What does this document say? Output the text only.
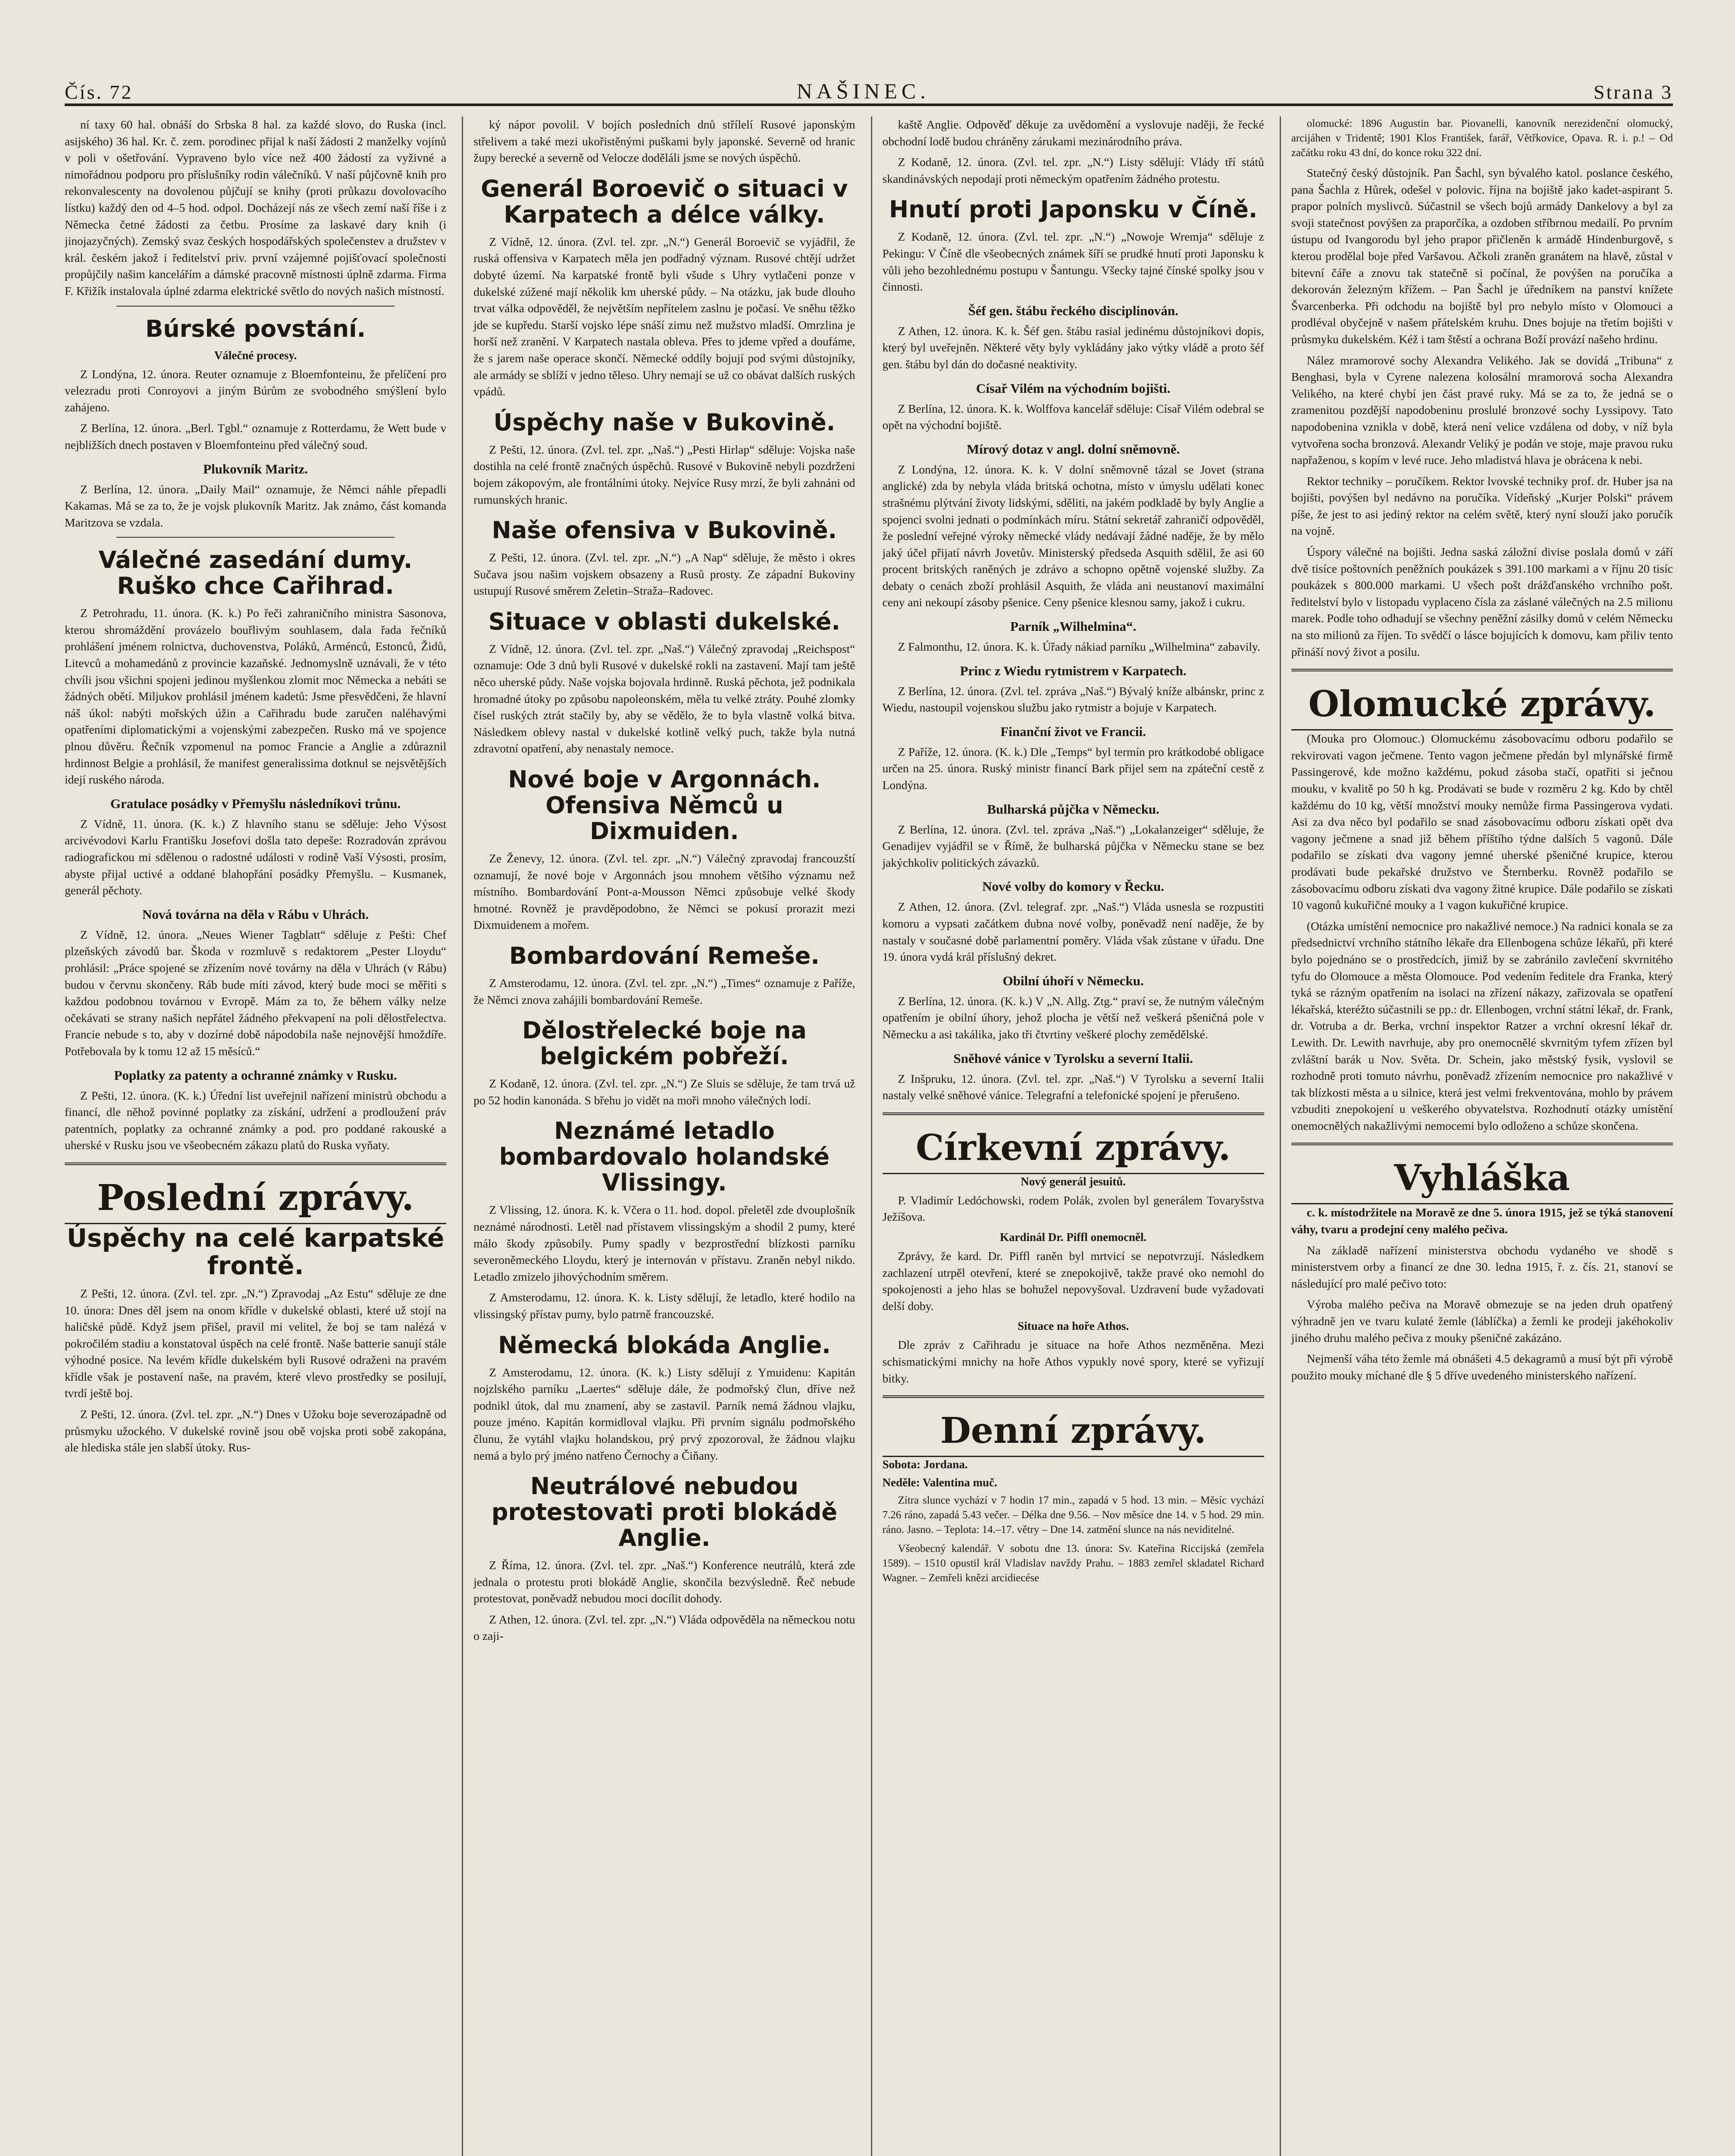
Čís. 72	NAŠINEC.	Strana 3

ní taxy 60 hal. obnáší do Srbska 8 hal. za každé slovo, do Ruska (incl. asijského) 36 hal. Kr. č. zem. porodinec přijal k naší žádosti 2 manželky vojínů v poli v ošetřování. Vypraveno bylo více než 400 žádostí za vyživné a nimořádnou podporu pro příslušníky rodin válečníků. V naší půjčovně knih pro rekonvalescenty na dovolenou půjčují se knihy (proti průkazu dovolovacího lístku) každý den od 4–5 hod. odpol. Docházejí nás ze všech zemí naší říše i z Německa četné žádosti za četbu. Prosíme za laskavé dary knih (i jinojazyčných). Zemský svaz českých hospodářských společenstev a družstev v král. českém jakož i ředitelství priv. první vzájemné pojišťovací společnosti propůjčily našim kancelářím a dámské pracovně místnosti úplně zdarma. Firma F. Křižík instalovala úplné zdarma elektrické světlo do nových našich místností.

Búrské povstání.
Válečné procesy.

Z Londýna, 12. února. Reuter oznamuje z Bloemfonteinu, že přelíčení pro velezradu proti Conroyovi a jiným Búrům ze svobodného smýšlení bylo zahájeno.

Z Berlína, 12. února. „Berl. Tgbl.“ oznamuje z Rotterdamu, že Wett bude v nejbližších dnech postaven v Bloemfonteinu před válečný soud.

Plukovník Maritz.

Z Berlína, 12. února. „Daily Mail“ oznamuje, že Němci náhle přepadli Kakamas. Má se za to, že je vojsk plukovník Maritz. Jak známo, část komanda Maritzova se vzdala.

Válečné zasedání dumy. Ruško chce Cařihrad.

Z Petrohradu, 11. února. (K. k.) Po řeči zahraničního ministra Sasonova, kterou shromáždění provázelo bouřlivým souhlasem, dala řada řečníků prohlášení jménem rolnictva, duchovenstva, Poláků, Arménců, Estonců, Židů, Litevců a mohamedánů z provincie kazaňské. Jednomyslně uznávali, že v této chvíli jsou všichni spojeni jedinou myšlenkou zlomit moc Německa a nebáti se žádných obětí. Miljukov prohlásil jménem kadetů: Jsme přesvědčeni, že hlavní náš úkol: nabýti mořských úžin a Cařihradu bude zaručen naléhavými opatřeními diplomatickými a vojenskými zabezpečen. Rusko má ve spojence plnou důvěru. Řečník vzpomenul na pomoc Francie a Anglie a zdůraznil hrdinnost Belgie a prohlásil, že manifest generalissima dotknul se nejsvětějších idejí ruského národa.

Gratulace posádky v Přemyšlu následníkovi trůnu.

Z Vídně, 11. února. (K. k.) Z hlavního stanu se sděluje: Jeho Výsost arcivévodovi Karlu Františku Josefovi došla tato depeše: Rozradován zprávou radiografickou mi sdělenou o radostné události v rodině Vaší Výsosti, prosím, abyste přijal uctivé a oddané blahopřání posádky Přemyšlu. – Kusmanek, generál pěchoty.

Nová továrna na děla v Rábu v Uhrách.

Z Vídně, 12. února. „Neues Wiener Tagblatt“ sděluje z Pešti: Chef plzeňských závodů bar. Škoda v rozmluvě s redaktorem „Pester Lloydu“ prohlásil: „Práce spojené se zřízením nové továrny na děla v Uhrách (v Rábu) budou v červnu skončeny. Ráb bude míti závod, který bude moci se měřiti s každou podobnou továrnou v Evropě. Mám za to, že během války nelze očekávati se strany našich nepřátel žádného překvapení na poli dělostřelectva. Francie nebude s to, aby v dozírné době nápodobila naše nejnovější hmoždíře. Potřebovala by k tomu 12 až 15 měsíců.“

Poplatky za patenty a ochranné známky v Rusku.

Z Pešti, 12. února. (K. k.) Úřední list uveřejnil nařízení ministrů obchodu a financí, dle něhož povinné poplatky za získání, udržení a prodloužení práv patentních, poplatky za ochranné známky a pod. pro poddané rakouské a uherské v Rusku jsou ve všeobecném zákazu platů do Ruska vyňaty.

Poslední zprávy.
Úspěchy na celé karpatské frontě.

Z Pešti, 12. února. (Zvl. tel. zpr. „N.“) Zpravodaj „Az Estu“ sděluje ze dne 10. února: Dnes děl jsem na onom křídle v dukelské oblasti, které už stojí na haličské půdě. Když jsem přišel, pravil mi velitel, že boj se tam nalézá v pokročilém stadiu a konstatoval úspěch na celé frontě. Naše batterie sanují stále výhodné posice. Na levém křídle dukelském byli Rusové odraženi na pravém křídle však je postavení naše, na pravém, které vlevo prostředky se posilují, tvrdí ještě boj.

Z Pešti, 12. února. (Zvl. tel. zpr. „N.“) Dnes v Užoku boje severozápadně od průsmyku užockého. V dukelské rovině jsou obě vojska proti sobě zakopána, ale hlediska stále jen slabší útoky. Rus-

ký nápor povolil. V bojích posledních dnů střílelí Rusové japonským střelivem a také mezi ukořistěnými puškami byly japonské. Severně od hranic župy berecké a severně od Velocze doděláli jsme se nových úspěchů.

Generál Boroevič o situaci v Karpatech a délce války.

Z Vídně, 12. února. (Zvl. tel. zpr. „N.“) Generál Boroevič se vyjádřil, že ruská offensiva v Karpatech měla jen podřadný význam. Rusové chtějí udržet dobyté území. Na karpatské frontě byli všude s Uhry vytlačeni ponze v dukelské zúžené mají několik km uherské půdy. – Na otázku, jak bude dlouho trvat válka odpověděl, že největším nepřítelem zaslnu je počasí. Ve sněhu těžko jde se kupředu. Starší vojsko lépe snáší zimu než mužstvo mladší. Omrzlina je horší než zranění. V Karpatech nastala obleva. Přes to jdeme vpřed a doufáme, že s jarem naše operace skončí. Německé oddíly bojují pod svými důstojníky, ale armády se sblíží v jedno těleso. Uhry nemají se už co obávat dalších ruských vpádů.

Úspěchy naše v Bukovině.

Z Pešti, 12. února. (Zvl. tel. zpr. „Naš.“) „Pesti Hirlap“ sděluje: Vojska naše dostihla na celé frontě značných úspěchů. Rusové v Bukovině nebyli pozdrženi bojem zákopovým, ale frontálními útoky. Nejvíce Rusy mrzí, že byli zahnáni od rumunských hranic.

Naše ofensiva v Bukovině.

Z Pešti, 12. února. (Zvl. tel. zpr. „N.“) „A Nap“ sděluje, že město i okres Sučava jsou našim vojskem obsazeny a Rusů prosty. Ze západní Bukoviny ustupují Rusové směrem Zeletin–Straža–Radovec.

Situace v oblasti dukelské.

Z Vídně, 12. února. (Zvl. tel. zpr. „Naš.“) Válečný zpravodaj „Reichspost“ oznamuje: Ode 3 dnů byli Rusové v dukelské rokli na zastavení. Mají tam ještě něco uherské půdy. Naše vojska bojovala hrdinně. Ruská pěchota, jež podnikala hromadné útoky po způsobu napoleonském, měla tu velké ztráty. Pouhé zlomky čísel ruských ztrát stačily by, aby se vědělo, že to byla vlastně volká bitva. Následkem oblevy nastal v dukelské kotlině velký puch, takže byla nutná zdravotní opatření, aby nenastaly nemoce.

Nové boje v Argonnách. Ofensiva Němců u Dixmuiden.

Ze Ženevy, 12. února. (Zvl. tel. zpr. „N.“) Válečný zpravodaj francouzští oznamují, že nové boje v Argonnách jsou mnohem většího významu než místního. Bombardování Pont-a-Mousson Němci způsobuje velké škody hmotné. Rovněž je pravděpodobno, že Němci se pokusí prorazit mezi Dixmuidenem a mořem.

Bombardování Remeše.

Z Amsterodamu, 12. února. (Zvl. tel. zpr. „N.“) „Times“ oznamuje z Paříže, že Němci znova zahájili bombardování Remeše.

Dělostřelecké boje na belgickém pobřeží.

Z Kodaně, 12. února. (Zvl. tel. zpr. „N.“) Ze Sluis se sděluje, že tam trvá už po 52 hodin kanonáda. S břehu jo vidět na moři mnoho válečných lodí.

Neznámé letadlo bombardovalo holandské Vlissingy.

Z Vlissing, 12. února. K. k. Včera o 11. hod. dopol. přeletěl zde dvouplošník neznámé národnosti. Letěl nad přístavem vlissingským a shodil 2 pumy, které málo škody způsobily. Pumy spadly v bezprostřední blízkosti parníku severoněmeckého Lloydu, který je internován v přístavu. Zraněn nebyl nikdo. Letadlo zmizelo jihovýchodním směrem.

Z Amsterodamu, 12. února. K. k. Listy sdělují, že letadlo, které hodilo na vlissingský přístav pumy, bylo patrně francouzské.

Německá blokáda Anglie.

Z Amsterodamu, 12. února. (K. k.) Listy sdělují z Ymuidenu: Kapitán nojzlského parníku „Laertes“ sděluje dále, že podmořský člun, dříve než podnikl útok, dal mu znamení, aby se zastavil. Parník nemá žádnou vlajku, pouze jméno. Kapitán kormidloval vlajku. Při prvním signálu podmořského člunu, že vytáhl vlajku holandskou, prý prvý zpozoroval, že žádnou vlajku nemá a bylo prý jméno natřeno Černochy a Čiňany.

Neutrálové nebudou protestovati proti blokádě Anglie.

Z Říma, 12. února. (Zvl. tel. zpr. „Naš.“) Konference neutrálů, která zde jednala o protestu proti blokádě Anglie, skončila bezvýsledně. Řeč nebude protestovat, poněvadž nebudou moci docílit dohody.

Z Athen, 12. února. (Zvl. tel. zpr. „N.“) Vláda odpověděla na německou notu o zaji-

kaště Anglie. Odpověď děkuje za uvědomění a vyslovuje naději, že řecké obchodní lodě budou chráněny zárukami mezinárodního práva.

Z Kodaně, 12. února. (Zvl. tel. zpr. „N.“) Listy sdělují: Vlády tří států skandinávských nepodají proti německým opatřením žádného protestu.

Hnutí proti Japonsku v Číně.

Z Kodaně, 12. února. (Zvl. tel. zpr. „N.“) „Nowoje Wremja“ sděluje z Pekingu: V Číně dle všeobecných známek šíří se prudké hnutí proti Japonsku k vůli jeho bezohlednému postupu v Šantungu. Všecky tajné čínské spolky jsou v činnosti.

Šéf gen. štábu řeckého disciplinován.

Z Athen, 12. února. K. k. Šéf gen. štábu rasial jedinému důstojníkovi dopis, který byl uveřejněn. Některé věty byly vykládány jako výtky vládě a proto šéf gen. štábu byl dán do dočasné neaktivity.

Císař Vilém na východním bojišti.

Z Berlína, 12. února. K. k. Wolffova kancelář sděluje: Císař Vilém odebral se opět na východní bojiště.

Mírový dotaz v angl. dolní sněmovně.

Z Londýna, 12. února. K. k. V dolní sněmovně tázal se Jovet (strana anglické) zda by nebyla vláda britská ochotna, místo v úmyslu udělati konec strašnému plýtvání životy lidskými, sděliti, na jakém podkladě by byly Anglie a spojenci svolni jednati o podmínkách míru. Státní sekretář zahraničí odpověděl, že poslední veřejné výroky německé vlády nedávají žádné naděje, že by mělo jaký účel přijatí návrh Jovetův. Ministerský předseda Asquith sdělil, že asi 60 procent britských raněných je zdrávo a schopno opětně vojenské služby. Za debaty o cenách zboží prohlásil Asquith, že vláda ani neustanoví maximální ceny ani nekoupí zásoby pšenice. Ceny pšenice klesnou samy, jakož i cukru.

Parník „Wilhelmina“.

Z Falmonthu, 12. února. K. k. Úřady nákiad parníku „Wilhelmina“ zabavily.

Princ z Wiedu rytmistrem v Karpatech.

Z Berlína, 12. února. (Zvl. tel. zpráva „Naš.“) Bývalý kníže albánskr, princ z Wiedu, nastoupil vojenskou službu jako rytmistr a bojuje v Karpatech.

Finanční život ve Francii.

Z Paříže, 12. února. (K. k.) Dle „Temps“ byl termín pro krátkodobé obligace určen na 25. února. Ruský ministr financí Bark přijel sem na zpáteční cestě z Londýna.

Bulharská půjčka v Německu.

Z Berlína, 12. února. (Zvl. tel. zpráva „Naš.“) „Lokalanzeiger“ sděluje, že Genadijev vyjádřil se v Římě, že bulharská půjčka v Německu stane se bez jakýchkoliv politických závazků.

Nové volby do komory v Řecku.

Z Athen, 12. února. (Zvl. telegraf. zpr. „Naš.“) Vláda usnesla se rozpustiti komoru a vypsati začátkem dubna nové volby, poněvadž není naděje, že by nastaly v současné době parlamentní poměry. Vláda však zůstane v úřadu. Dne 19. února vydá král příslušný dekret.

Obilní úhoří v Německu.

Z Berlína, 12. února. (K. k.) V „N. Allg. Ztg.“ praví se, že nutným válečným opatřením je obilní úhory, jehož plocha je větší než veškerá pšeničná pole v Německu a asi takálika, jako tři čtvrtiny veškeré plochy zemědělské.

Sněhové vánice v Tyrolsku a severní Italii.

Z Inšpruku, 12. února. (Zvl. tel. zpr. „Naš.“) V Tyrolsku a severní Italii nastaly velké sněhové vánice. Telegrafní a telefonické spojení je přerušeno.

Církevní zprávy.
Nový generál jesuitů.

P. Vladimír Ledóchowski, rodem Polák, zvolen byl generálem Tovaryšstva Ježíšova.

Kardinál Dr. Piffl onemocněl.

Zprávy, že kard. Dr. Piffl raněn byl mrtvicí se nepotvrzují. Následkem zachlazení utrpěl otevření, které se znepokojivě, takže pravé oko nemohl do spokojenosti a jeho hlas se bohužel nepovyšoval. Uzdravení bude vyžadovati delší doby.

Situace na hoře Athos.

Dle zpráv z Cařihradu je situace na hoře Athos nezměněna. Mezi schismatickými mnichy na hoře Athos vypukly nové spory, které se vyřizují bitky.

Denní zprávy.
Sobota: Jordana.
Neděle: Valentina muč.

Zítra slunce vychází v 7 hodin 17 min., zapadá v 5 hod. 13 min. – Měsíc vychází 7.26 ráno, zapadá 5.43 večer. – Délka dne 9.56. – Nov měsíce dne 14. v 5 hod. 29 min. ráno. Jasno. – Teplota: 14.–17. větry – Dne 14. zatmění slunce na nás neviditelné.

Všeobecný kalendář. V sobotu dne 13. února: Sv. Kateřina Riccijská (zemřela 1589). – 1510 opustil král Vladislav navždy Prahu. – 1883 zemřel skladatel Richard Wagner. – Zemřeli knězi arcidiecése

olomucké: 1896 Augustin bar. Piovanelli, kanovník nerezidenční olomucký, arcijáhen v Tridentě; 1901 Klos František, farář, Větřkovice, Opava. R. i. p.! – Od začátku roku 43 dní, do konce roku 322 dní.

Statečný český důstojník. Pan Šachl, syn bývalého katol. poslance českého, pana Šachla z Hůrek, odešel v polovic. října na bojiště jako kadet-aspirant 5. prapor polních myslivců. Súčastnil se všech bojů armády Dankelovy a byl za svoji statečnost povýšen za praporčíka, a ozdoben stříbrnou medailí. Po prvním ústupu od Ivangorodu byl jeho prapor přičleněn k armádě Hindenburgově, s kterou prodělal boje před Varšavou. Ačkoli zraněn granátem na hlavě, zůstal v bitevní čáře a znovu tak statečně si počínal, že povýšen na poručíka a dekorován železným křížem. – Pan Šachl je úředníkem na panství knížete Švarcenberka. Při odchodu na bojiště byl pro nebylo místo v Olomouci a prodléval obyčejně v našem přátelském kruhu. Dnes bojuje na třetím bojišti v průsmyku dukelském. Kéž i tam štěstí a ochrana Boží provází našeho hrdinu.

Nález mramorové sochy Alexandra Velikého. Jak se dovídá „Tribuna“ z Benghasi, byla v Cyrene nalezena kolosální mramorová socha Alexandra Velikého, na které chybí jen část pravé ruky. Má se za to, že jedná se o zramenitou pozdější napodobeninu proslulé bronzové sochy Lyssipovy. Tato napodobenina vznikla v době, která není velice vzdálena od doby, v níž byla vytvořena socha bronzová. Alexandr Veliký je podán ve stoje, maje pravou ruku napřaženou, s kopím v levé ruce. Jeho mladistvá hlava je obrácena k nebi.

Rektor techniky – poručíkem. Rektor lvovské techniky prof. dr. Huber jsa na bojišti, povýšen byl nedávno na poručíka. Vídeňský „Kurjer Polski“ právem píše, že jest to asi jediný rektor na celém světě, který nyní slouží jako poručík na vojně.

Úspory válečné na bojišti. Jedna saská záložní divise poslala domů v září dvě tisíce poštovních peněžních poukázek s 391.100 markami a v říjnu 20 tisíc poukázek s 800.000 markami. U všech pošt drážďanského vrchního pošt. ředitelství bylo v listopadu vyplaceno čísla za záslané válečných na 2.5 milionu marek. Podle toho odhadují se všechny peněžní zásilky domů v celém Německu na sto milionů za říjen. To svědčí o lásce bojujících k domovu, kam přiliv tento přináší nový život a posilu.

Olomucké zprávy.

(Mouka pro Olomouc.) Olomuckému zásobovacímu odboru podařilo se rekvirovati vagon ječmene. Tento vagon ječmene předán byl mlynářské firmě Passingerové, kde možno každému, pokud zásoba stačí, opatřiti si ječnou mouku, v kvalitě po 50 h kg. Prodávati se bude v rozměru 2 kg. Kdo by chtěl každému do 10 kg, větší množství mouky nemůže firma Passingerova vydati. Asi za dva něco byl podařilo se snad zásobovacímu odboru získati opět dva vagony ječmene a snad již během příštího týdne dalších 5 vagonů. Dále podařilo se získati dva vagony jemné uherské pšeničné krupice, kterou prodávati bude pekařské družstvo ve Šternberku. Rovněž podařilo se zásobovacímu odboru získati dva vagony žitné krupice. Dále podařilo se získati 10 vagonů kukuřičné mouky a 1 vagon kukuřičné krupice.

(Otázka umístění nemocnice pro nakažlivé nemoce.) Na radnici konala se za předsednictví vrchního státního lékaře dra Ellenbogena schůze lékařů, při které bylo pojednáno se o prostředcích, jimiž by se zabránilo zavlečení skvrnitého tyfu do Olomouce a města Olomouce. Pod vedením ředitele dra Franka, který tyká se rázným opatřením na isolaci na zřízení nákazy, zařizovala se opatření lékařská, kteréžto súčastnili se pp.: dr. Ellenbogen, vrchní státní lékař, dr. Frank, dr. Votruba a dr. Berka, vrchní inspektor Ratzer a vrchní okresní lékař dr. Lewith. Dr. Lewith navrhuje, aby pro onemocnělé skvrnitým tyfem zřízen byl zvláštní barák u Nov. Světa. Dr. Schein, jako městský fysik, vyslovil se rozhodně proti tomuto návrhu, poněvadž zřízením nemocnice pro nakažlivé v tak blízkosti města a u silnice, která jest velmi frekventována, mohlo by právem vzbuditi znepokojení u veškerého obyvatelstva. Rozhodnutí otázky umístění onemocnělých nakažlivými nemocemi bylo odloženo a schůze skončena.

Vyhláška

c. k. místodržitele na Moravě ze dne 5. února 1915, jež se týká stanovení váhy, tvaru a prodejní ceny malého pečiva.

Na základě nařízení ministerstva obchodu vydaného ve shodě s ministerstvem orby a financí ze dne 30. ledna 1915, ř. z. čís. 21, stanoví se následující pro malé pečivo toto:

Výroba malého pečiva na Moravě obmezuje se na jeden druh opatřený výhradně jen ve tvaru kulaté žemle (láblíčka) a žemli ke prodeji jakéhokoliv jiného druhu malého pečiva z mouky pšeničné zakázáno.

Nejmenší váha této žemle má obnášeti 4.5 dekagramů a musí být při výrobě použito mouky míchané dle § 5 dříve uvedeného ministerského nařízení.
